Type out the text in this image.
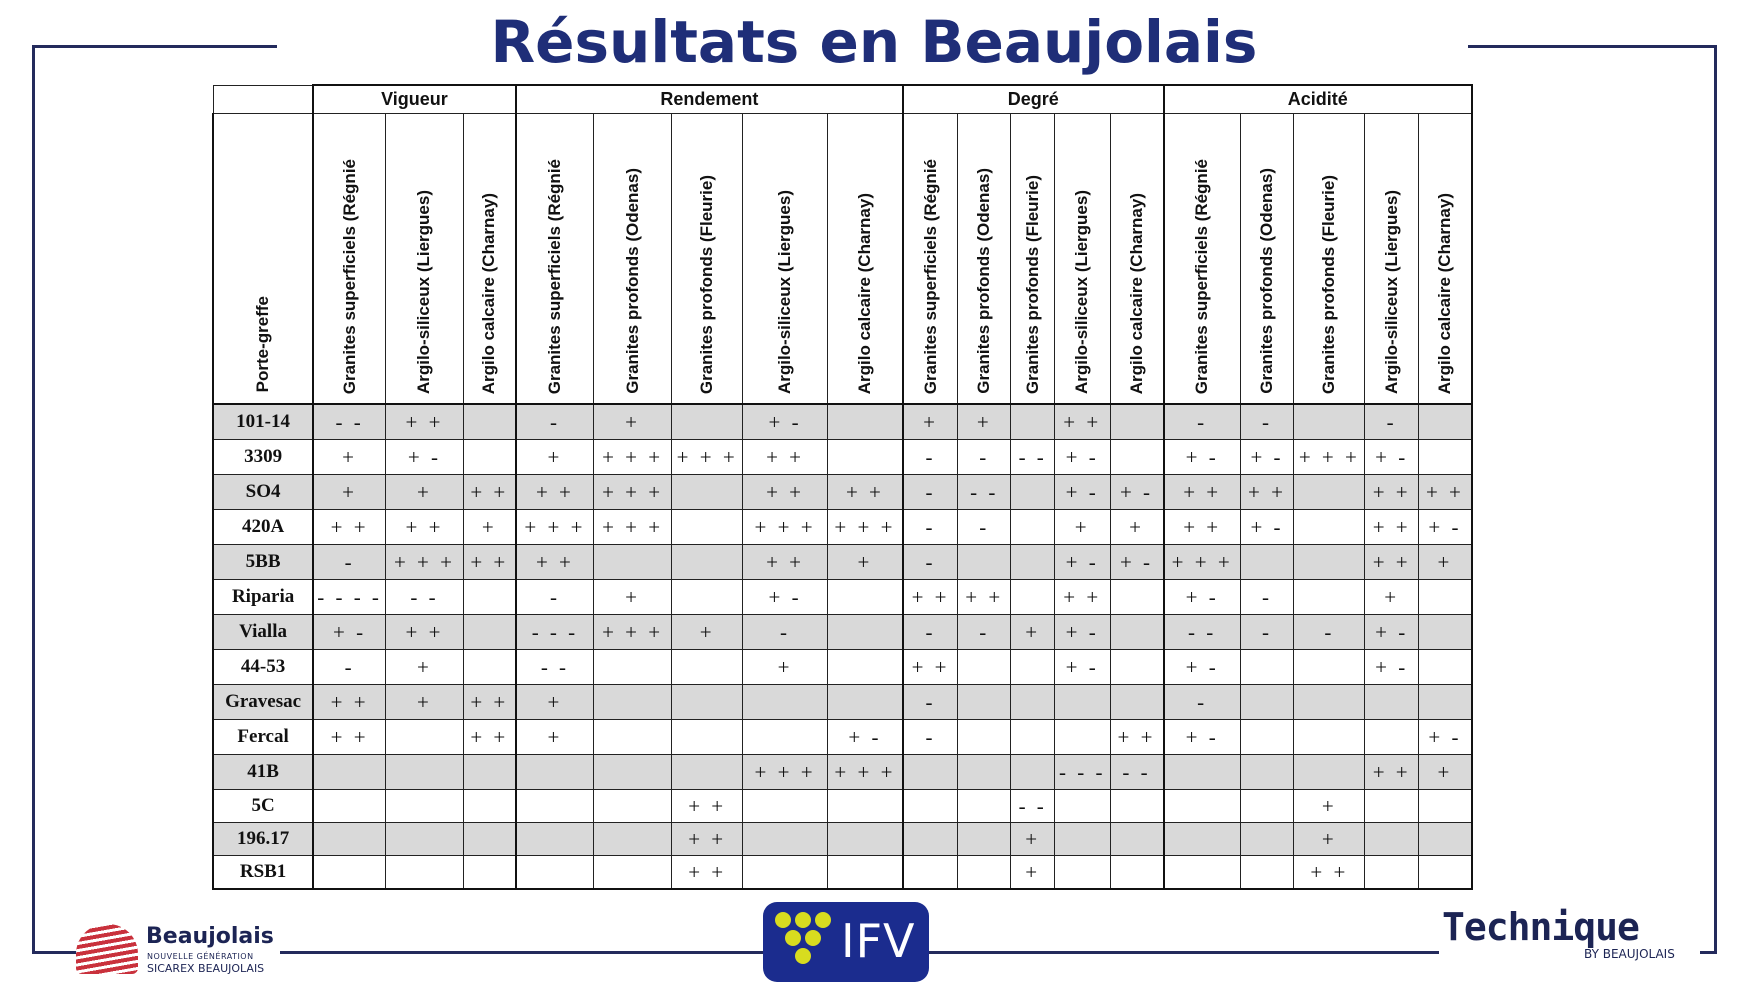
Résultats en Beaujolais
	Vigueur			Rendement					Degré					Acidité				
Porte-greffe	Granites superficiels (Régnié	Argilo-siliceux (Liergues)	Argilo calcaire (Charnay)	Granites superficiels (Régnié	Granites profonds (Odenas)	Granites profonds (Fleurie)	Argilo-siliceux (Liergues)	Argilo calcaire (Charnay)	Granites superficiels (Régnié	Granites profonds (Odenas)	Granites profonds (Fleurie)	Argilo-siliceux (Liergues)	Argilo calcaire (Charnay)	Granites superficiels (Régnié	Granites profonds (Odenas)	Granites profonds (Fleurie)	Argilo-siliceux (Liergues)	Argilo calcaire (Charnay)
101-14	- -	+ +		-	+		+ -		+	+		+ +		-	-		-	
3309	+	+ -		+	+ + +	+ + +	+ +		-	-	- -	+ -		+ -	+ -	+ + +	+ -	
SO4	+	+	+ +	+ +	+ + +		+ +	+ +	-	- -		+ -	+ -	+ +	+ +		+ +	+ +
420A	+ +	+ +	+	+ + +	+ + +		+ + +	+ + +	-	-		+	+	+ +	+ -		+ +	+ -
5BB	-	+ + +	+ +	+ +			+ +	+	-			+ -	+ -	+ + +			+ +	+
Riparia	- - - -	- -		-	+		+ -		+ +	+ +		+ +		+ -	-		+	
Vialla	+ -	+ +		- - -	+ + +	+	-		-	-	+	+ -		- -	-	-	+ -	
44-53	-	+		- -			+		+ +			+ -		+ -			+ -	
Gravesac	+ +	+	+ +	+					-					-				
Fercal	+ +		+ +	+				+ -	-				+ +	+ -				+ -
41B							+ + +	+ + +				- - -	- -				+ +	+
5C						+ +					- -					+		
196.17						+ +					+					+		
RSB1						+ +					+					+ +		
Beaujolais
NOUVELLE GÉNÉRATION
SICAREX BEAUJOLAIS
IFV	Technique
BY BEAUJOLAIS
